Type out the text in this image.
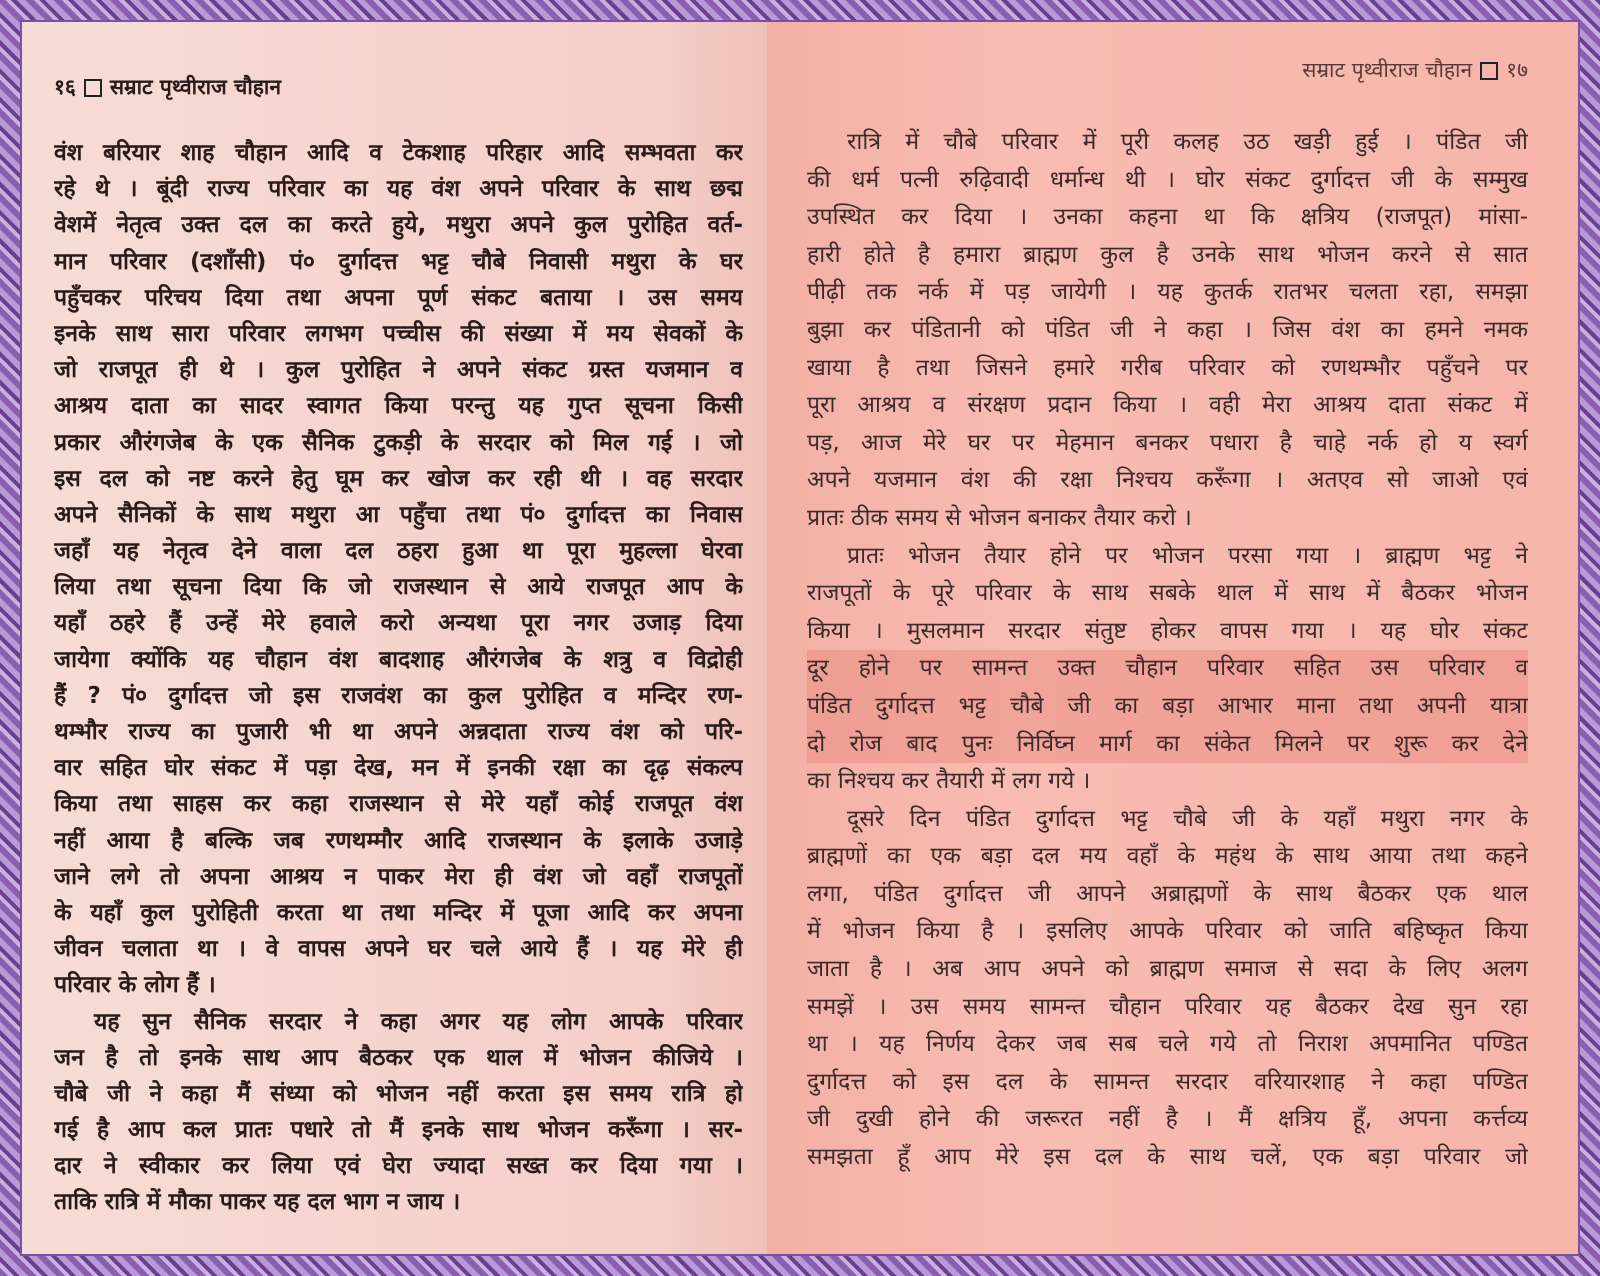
१६ सम्राट पृथ्वीराज चौहान
वंश बरियार शाह चौहान आदि व टेकशाह परिहार आदि सम्भवता कर
रहे थे । बूंदी राज्य परिवार का यह वंश अपने परिवार के साथ छद्म
वेशमें नेतृत्व उक्त दल का करते हुये, मथुरा अपने कुल पुरोहित वर्त-
मान परिवार (दशाँसी) पं० दुर्गादत्त भट्ट चौबे निवासी मथुरा के घर
पहुँचकर परिचय दिया तथा अपना पूर्ण संकट बताया । उस समय
इनके साथ सारा परिवार लगभग पच्चीस की संख्या में मय सेवकों के
जो राजपूत ही थे । कुल पुरोहित ने अपने संकट ग्रस्त यजमान व
आश्रय दाता का सादर स्वागत किया परन्तु यह गुप्त सूचना किसी
प्रकार औरंगजेब के एक सैनिक टुकड़ी के सरदार को मिल गई । जो
इस दल को नष्ट करने हेतु घूम कर खोज कर रही थी । वह सरदार
अपने सैनिकों के साथ मथुरा आ पहुँचा तथा पं० दुर्गादत्त का निवास
जहाँ यह नेतृत्व देने वाला दल ठहरा हुआ था पूरा मुहल्ला घेरवा
लिया तथा सूचना दिया कि जो राजस्थान से आये राजपूत आप के
यहाँ ठहरे हैं उन्हें मेरे हवाले करो अन्यथा पूरा नगर उजाड़ दिया
जायेगा क्योंकि यह चौहान वंश बादशाह औरंगजेब के शत्रु व विद्रोही
हैं ? पं० दुर्गादत्त जो इस राजवंश का कुल पुरोहित व मन्दिर रण-
थम्भौर राज्य का पुजारी भी था अपने अन्नदाता राज्य वंश को परि-
वार सहित घोर संकट में पड़ा देख, मन में इनकी रक्षा का दृढ़ संकल्प
किया तथा साहस कर कहा राजस्थान से मेरे यहाँ कोई राजपूत वंश
नहीं आया है बल्कि जब रणथम्मौर आदि राजस्थान के इलाके उजाड़े
जाने लगे तो अपना आश्रय न पाकर मेरा ही वंश जो वहाँ राजपूतों
के यहाँ कुल पुरोहिती करता था तथा मन्दिर में पूजा आदि कर अपना
जीवन चलाता था । वे वापस अपने घर चले आये हैं । यह मेरे ही
परिवार के लोग हैं ।
यह सुन सैनिक सरदार ने कहा अगर यह लोग आपके परिवार
जन है तो इनके साथ आप बैठकर एक थाल में भोजन कीजिये ।
चौबे जी ने कहा मैं संध्या को भोजन नहीं करता इस समय रात्रि हो
गई है आप कल प्रातः पधारे तो मैं इनके साथ भोजन करूँगा । सर-
दार ने स्वीकार कर लिया एवं घेरा ज्यादा सख्त कर दिया गया ।
ताकि रात्रि में मौका पाकर यह दल भाग न जाय ।
सम्राट पृथ्वीराज चौहान १७
रात्रि में चौबे परिवार में पूरी कलह उठ खड़ी हुई । पंडित जी
की धर्म पत्नी रुढ़िवादी धर्मान्ध थी । घोर संकट दुर्गादत्त जी के सम्मुख
उपस्थित कर दिया । उनका कहना था कि क्षत्रिय (राजपूत) मांसा-
हारी होते है हमारा ब्राह्मण कुल है उनके साथ भोजन करने से सात
पीढ़ी तक नर्क में पड़ जायेगी । यह कुतर्क रातभर चलता रहा, समझा
बुझा कर पंडितानी को पंडित जी ने कहा । जिस वंश का हमने नमक
खाया है तथा जिसने हमारे गरीब परिवार को रणथम्भौर पहुँचने पर
पूरा आश्रय व संरक्षण प्रदान किया । वही मेरा आश्रय दाता संकट में
पड़, आज मेरे घर पर मेहमान बनकर पधारा है चाहे नर्क हो य स्वर्ग
अपने यजमान वंश की रक्षा निश्चय करूँगा । अतएव सो जाओ एवं
प्रातः ठीक समय से भोजन बनाकर तैयार करो ।
प्रातः भोजन तैयार होने पर भोजन परसा गया । ब्राह्मण भट्ट ने
राजपूतों के पूरे परिवार के साथ सबके थाल में साथ में बैठकर भोजन
किया । मुसलमान सरदार संतुष्ट होकर वापस गया । यह घोर संकट
दूर होने पर सामन्त उक्त चौहान परिवार सहित उस परिवार व
पंडित दुर्गादत्त भट्ट चौबे जी का बड़ा आभार माना तथा अपनी यात्रा
दो रोज बाद पुनः निर्विघ्न मार्ग का संकेत मिलने पर शुरू कर देने
का निश्चय कर तैयारी में लग गये ।
दूसरे दिन पंडित दुर्गादत्त भट्ट चौबे जी के यहाँ मथुरा नगर के
ब्राह्मणों का एक बड़ा दल मय वहाँ के महंथ के साथ आया तथा कहने
लगा, पंडित दुर्गादत्त जी आपने अब्राह्मणों के साथ बैठकर एक थाल
में भोजन किया है । इसलिए आपके परिवार को जाति बहिष्कृत किया
जाता है । अब आप अपने को ब्राह्मण समाज से सदा के लिए अलग
समझें । उस समय सामन्त चौहान परिवार यह बैठकर देख सुन रहा
था । यह निर्णय देकर जब सब चले गये तो निराश अपमानित पण्डित
दुर्गादत्त को इस दल के सामन्त सरदार वरियारशाह ने कहा पण्डित
जी दुखी होने की जरूरत नहीं है । मैं क्षत्रिय हूँ, अपना कर्त्तव्य
समझता हूँ आप मेरे इस दल के साथ चलें, एक बड़ा परिवार जो
